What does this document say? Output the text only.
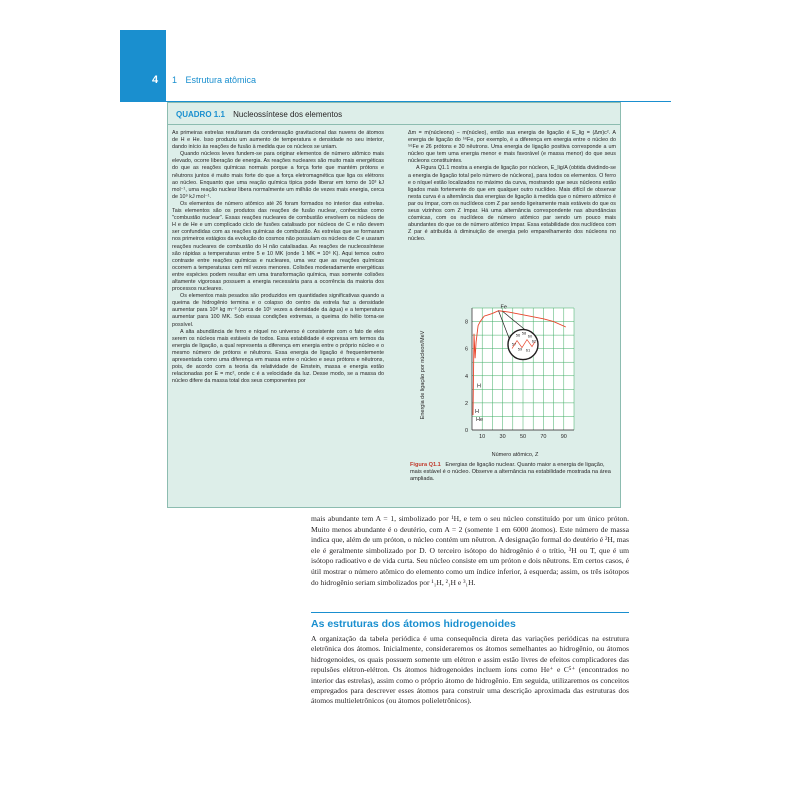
4 1 Estrutura atômica
QUADRO 1.1 Nucleossíntese dos elementos

As primeiras estrelas resultaram da condensação gravitacional das nuvens de átomos de H e He. Isso produziu um aumento de temperatura e densidade no seu interior, dando início às reações de fusão à medida que os núcleos se uniam.

Quando núcleos leves fundem-se para originar elementos de número atômico mais elevado, ocorre liberação de energia. As reações nucleares são muito mais energéticas do que as reações químicas normais porque a força forte que mantém prótons e nêutrons juntos é muito mais forte do que a força eletromagnética que liga os elétrons ao núcleo. Enquanto que uma reação química típica pode liberar em torno de 10³ kJ mol⁻¹, uma reação nuclear libera normalmente um milhão de vezes mais energia, cerca de 10⁹ kJ mol⁻¹.

Os elementos de número atômico até 26 foram formados no interior das estrelas. Tais elementos são os produtos das reações de fusão nuclear, conhecidas como "combustão nuclear". Essas reações nucleares de combustão envolvem os núcleos de H e de He e um complicado ciclo de fusões catalisado por núcleos de C e não devem ser confundidas com as reações químicas de combustão. As estrelas que se formaram nos primeiros estágios da evolução do cosmos não possuíam os núcleos de C e usaram reações nucleares de combustão do H não catalisadas. As reações de nucleossíntese são rápidas a temperaturas entre 5 e 10 MK (onde 1 MK = 10⁶ K). Aqui temos outro contraste entre reações químicas e nucleares, uma vez que as reações químicas ocorrem a temperaturas cem mil vezes menores. Colisões moderadamente energéticas entre espécies podem resultar em uma transformação química, mas somente colisões altamente vigorosas possuem a energia necessária para a ocorrência da maioria dos processos nucleares.

Os elementos mais pesados são produzidos em quantidades significativas quando a queima de hidrogênio termina e o colapso do centro da estrela faz a densidade aumentar para 10⁸ kg m⁻³ (cerca de 10⁵ vezes a densidade da água) e a temperatura aumentar para 100 MK. Sob essas condições extremas, a queima do hélio torna-se possível.

A alta abundância de ferro e níquel no universo é consistente com o fato de eles serem os núcleos mais estáveis de todos. Essa estabilidade é expressa em termos da energia de ligação, a qual representa a diferença em energia entre o próprio núcleo e o mesmo número de prótons e nêutrons. Essa energia de ligação é frequentemente apresentada como uma diferença em massa entre o núcleo e seus prótons e nêutrons, pois, de acordo com a teoria da relatividade de Einstein, massa e energia estão relacionadas por E = mc², onde c é a velocidade da luz. Desse modo, se a massa do núcleo difere da massa total dos seus componentes por

Δm = m(núcleons) − m(núcleo), então sua energia de ligação é E_lig = (Δm)c². A energia de ligação do ⁵⁶Fe, por exemplo, é a diferença em energia entre o núcleo do ⁵⁶Fe e 26 prótons e 30 nêutrons. Uma energia de ligação positiva corresponde a um núcleo que tem uma energia menor e mais favorável (e massa menor) do que seus núcleons constituintes.

A Figura Q1.1 mostra a energia de ligação por núcleon, E_lig/A (obtida dividindo-se a energia de ligação total pelo número de núcleons), para todos os elementos. O ferro e o níquel estão localizados no máximo da curva, mostrando que seus núcleons estão ligados mais fortemente do que em qualquer outro nuclídeo. Mais difícil de observar nesta curva é a alternância das energias de ligação à medida que o número atômico é par ou ímpar, com os nuclídeos com Z par sendo ligeiramente mais estáveis do que os seus vizinhos com Z ímpar. Há uma alternância correspondente nas abundâncias cósmicas, com os nuclídeos de número atômico par sendo um pouco mais abundantes do que os de número atômico ímpar. Essa estabilidade dos nuclídeos com Z par é atribuída à diminuição de energia pelo emparelhamento dos núcleons no núcleo.

Energia de ligação por núcleon/MeV
Número atômico, Z
10	30	50	70	90
0
2
4
6
8
H
He
H
Fe
56 58
60
62
57
59 61
Figura Q1.1 Energias de ligação nuclear. Quanto maior a energia de ligação, mais estável é o núcleo. Observe a alternância na estabilidade mostrada na área ampliada.
mais abundante tem A = 1, simbolizado por ¹H, e tem o seu núcleo constituído por um único próton. Muito menos abundante é o deutério, com A = 2 (somente 1 em 6000 átomos). Este número de massa indica que, além de um próton, o núcleo contém um nêutron. A designação formal do deutério é ²H, mas ele é geralmente simbolizado por D. O terceiro isótopo do hidrogênio é o trítio, ³H ou T, que é um isótopo radioativo e de vida curta. Seu núcleo consiste em um próton e dois nêutrons. Em certos casos, é útil mostrar o número atômico do elemento como um índice inferior, à esquerda; assim, os três isótopos do hidrogênio seriam simbolizados por ¹₁H, ²₁H e ³₁H.
As estruturas dos átomos hidrogenoides
A organização da tabela periódica é uma consequência direta das variações periódicas na estrutura eletrônica dos átomos. Inicialmente, consideraremos os átomos semelhantes ao hidrogênio, ou átomos hidrogenoides, os quais possuem somente um elétron e assim estão livres de efeitos complicadores das repulsões elétron-elétron. Os átomos hidrogenoides incluem íons como He⁺ e C⁵⁺ (encontrados no interior das estrelas), assim como o próprio átomo de hidrogênio. Em seguida, utilizaremos os conceitos empregados para descrever esses átomos para construir uma descrição aproximada das estruturas dos átomos multieletrônicos (ou átomos polieletrônicos).
